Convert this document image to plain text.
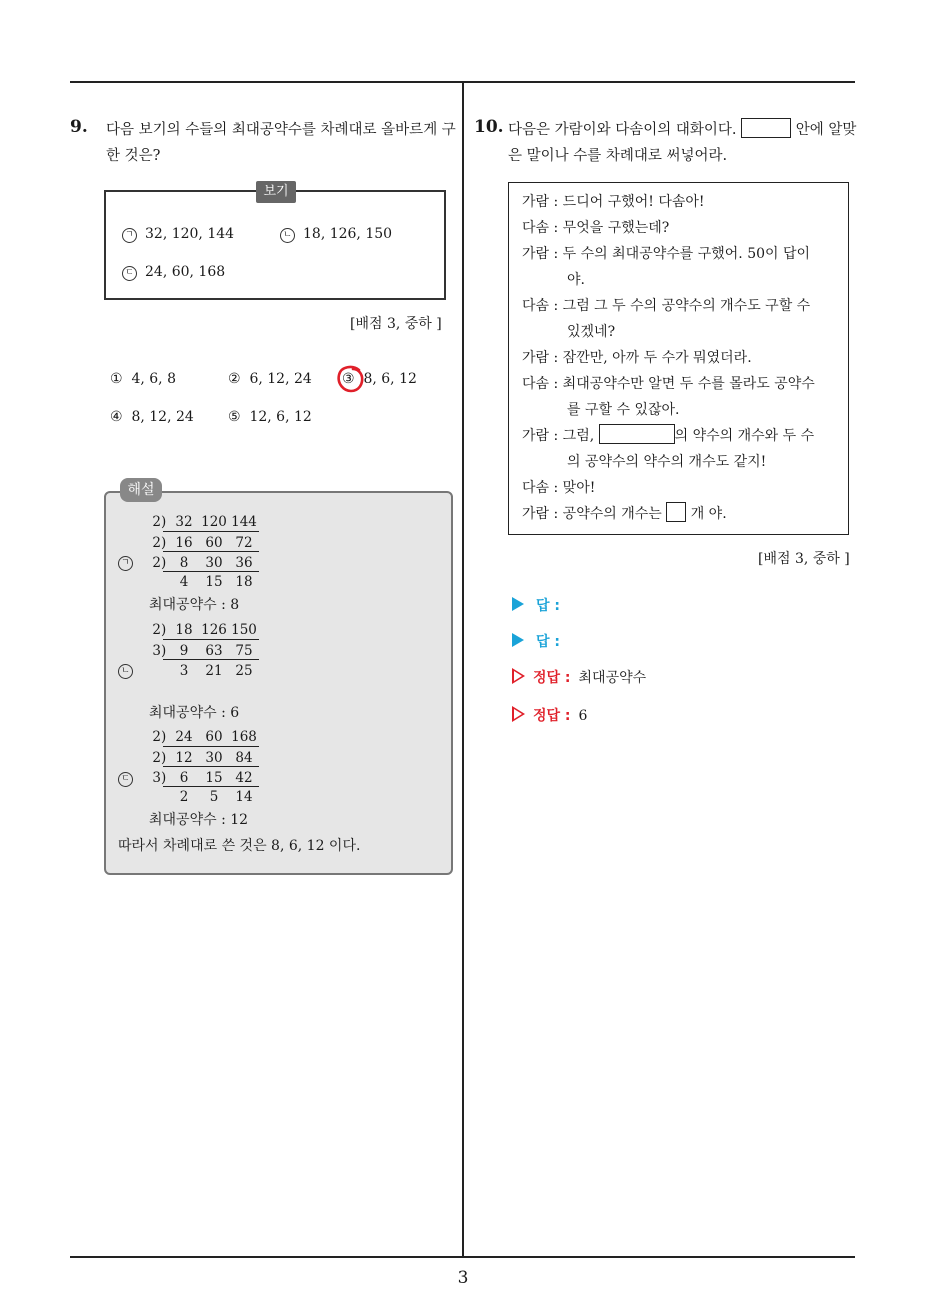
3
9. 다음 보기의 수들의 최대공약수를 차례대로 올바르게 구한 것은?
보기
ㄱ 32, 120, 144	ㄴ 18, 126, 150
ㄷ 24, 60, 168
[배점 3, 중하 ]
① 4, 6, 8	② 6, 12, 24 ③ 8, 6, 12
④ 8, 12, 24 ⑤ 12, 6, 12
해설
ㄱ
2) 32 120 144
2) 16 60 72
2) 8 30 36
4 15 18
최대공약수 : 8
ㄴ
2) 18 126 150
3) 9 63 75
3 21 25
최대공약수 : 6
ㄷ
2) 24 60 168
2) 12 30 84
3) 6 15 42
2 5 14
최대공약수 : 12
따라서 차례대로 쓴 것은 8, 6, 12 이다.
10. 다음은 가람이와 다솜이의 대화이다.	안에 알맞은 말이나 수를 차례대로 써넣어라.
가람 : 드디어 구했어! 다솜아!
다솜 : 무엇을 구했는데?
가람 : 두 수의 최대공약수를 구했어. 50이 답이
야.
다솜 : 그럼 그 두 수의 공약수의 개수도 구할 수
있겠네?
가람 : 잠깐만, 아까 두 수가 뭐였더라.
다솜 : 최대공약수만 알면 두 수를 몰라도 공약수
를 구할 수 있잖아.
가람 : 그럼,	의 약수의 개수와 두 수
의 공약수의 약수의 개수도 같지!
다솜 : 맞아!
가람 : 공약수의 개수는 개 야.
[배점 3, 중하 ]
답 :
답 :
정답 : 최대공약수
정답 : 6
